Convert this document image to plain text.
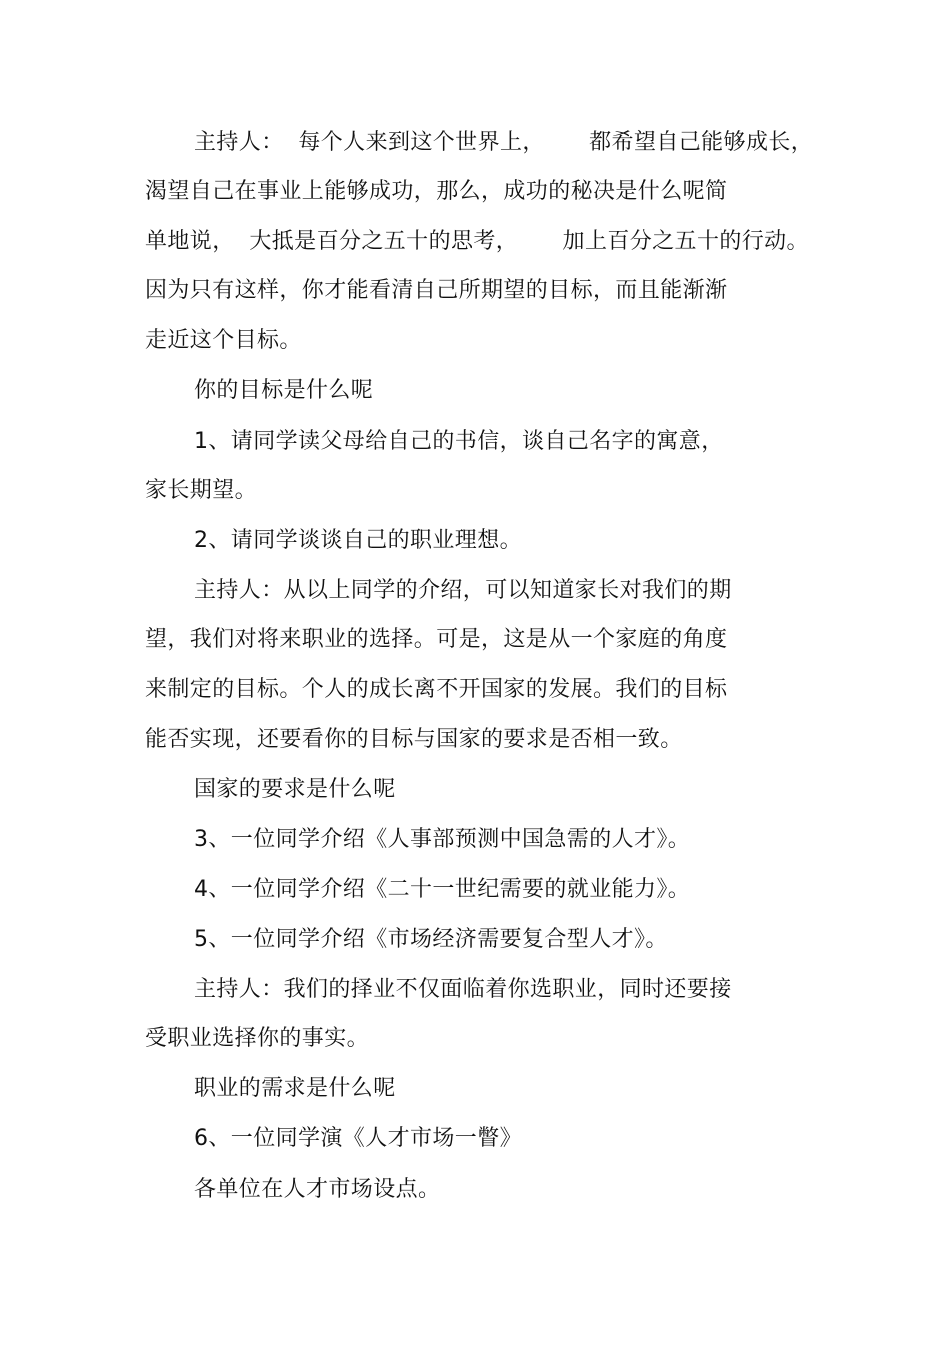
主持人：  每个人来到这个世界上，      都希望自己能够成长，
渴望自己在事业上能够成功，那么，成功的秘决是什么呢简
单地说，  大抵是百分之五十的思考，      加上百分之五十的行动。
因为只有这样，你才能看清自己所期望的目标，而且能渐渐
走近这个目标。
你的目标是什么呢
1、请同学读父母给自己的书信，谈自己名字的寓意，
家长期望。
2、请同学谈谈自己的职业理想。
主持人：从以上同学的介绍，可以知道家长对我们的期
望，我们对将来职业的选择。可是，这是从一个家庭的角度
来制定的目标。个人的成长离不开国家的发展。我们的目标
能否实现，还要看你的目标与国家的要求是否相一致。
国家的要求是什么呢
3、一位同学介绍《人事部预测中国急需的人才》。
4、一位同学介绍《二十一世纪需要的就业能力》。
5、一位同学介绍《市场经济需要复合型人才》。
主持人：我们的择业不仅面临着你选职业，同时还要接
受职业选择你的事实。
职业的需求是什么呢
6、一位同学演《人才市场一瞥》
各单位在人才市场设点。
